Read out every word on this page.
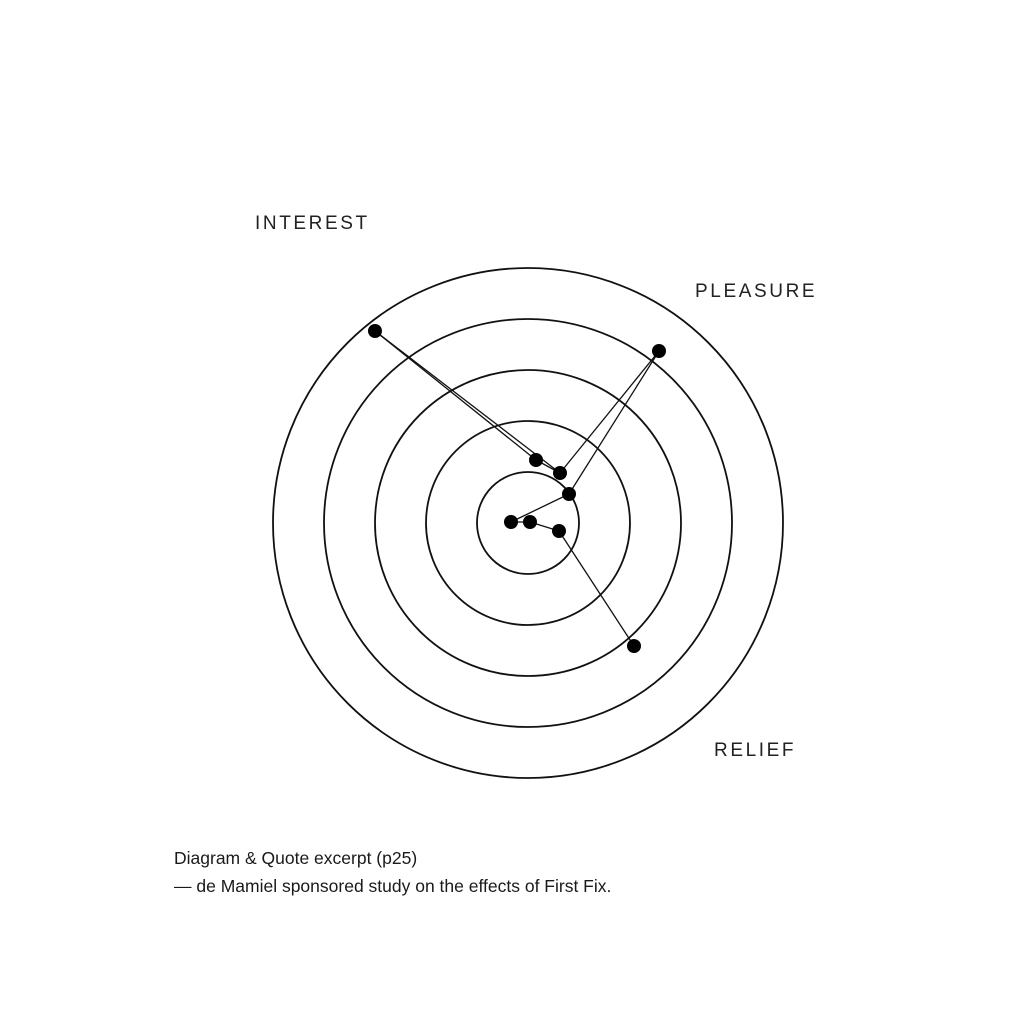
INTEREST
PLEASURE
RELIEF
Diagram & Quote excerpt (p25)
— de Mamiel sponsored study on the effects of First Fix.
